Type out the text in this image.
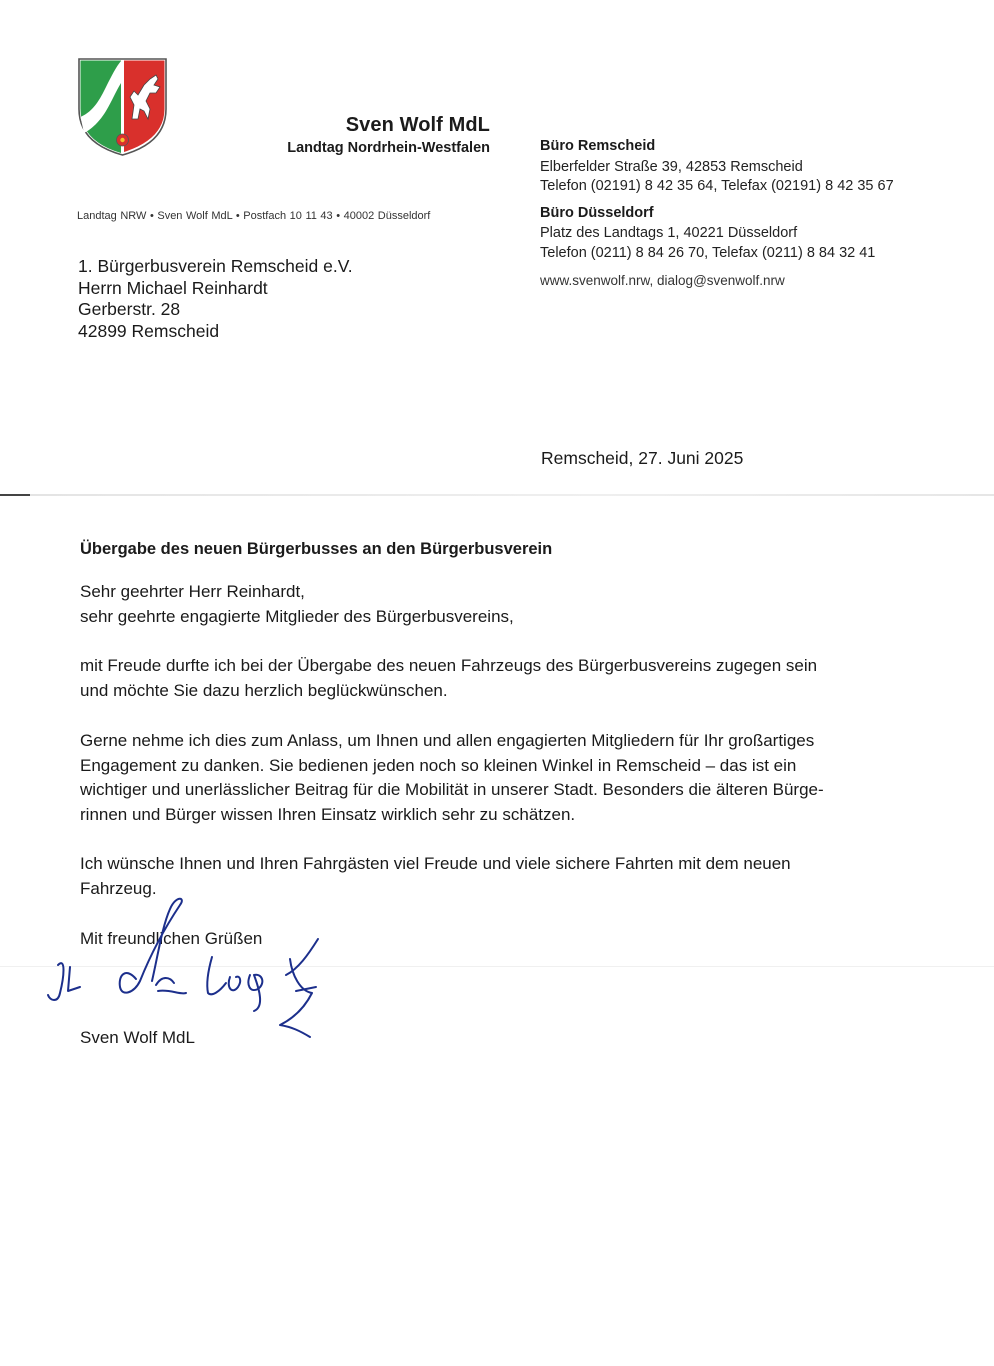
Sven Wolf MdL
Landtag Nordrhein-Westfalen
Landtag NRW • Sven Wolf MdL • Postfach 10 11 43 • 40002 Düsseldorf
Büro Remscheid
Elberfelder Straße 39, 42853 Remscheid
Telefon (02191) 8 42 35 64, Telefax (02191) 8 42 35 67
Büro Düsseldorf
Platz des Landtags 1, 40221 Düsseldorf
Telefon (0211) 8 84 26 70, Telefax (0211) 8 84 32 41
www.svenwolf.nrw, dialog@svenwolf.nrw
1. Bürgerbusverein Remscheid e.V.
Herrn Michael Reinhardt
Gerberstr. 28
42899 Remscheid
Remscheid, 27. Juni 2025
Übergabe des neuen Bürgerbusses an den Bürgerbusverein
Sehr geehrter Herr Reinhardt,
sehr geehrte engagierte Mitglieder des Bürgerbusvereins,
mit Freude durfte ich bei der Übergabe des neuen Fahrzeugs des Bürgerbusvereins zugegen sein
und möchte Sie dazu herzlich beglückwünschen.
Gerne nehme ich dies zum Anlass, um Ihnen und allen engagierten Mitgliedern für Ihr großartiges
Engagement zu danken. Sie bedienen jeden noch so kleinen Winkel in Remscheid – das ist ein
wichtiger und unerlässlicher Beitrag für die Mobilität in unserer Stadt. Besonders die älteren Bürge-
rinnen und Bürger wissen Ihren Einsatz wirklich sehr zu schätzen.
Ich wünsche Ihnen und Ihren Fahrgästen viel Freude und viele sichere Fahrten mit dem neuen
Fahrzeug.
Mit freundlichen Grüßen
Sven Wolf MdL
